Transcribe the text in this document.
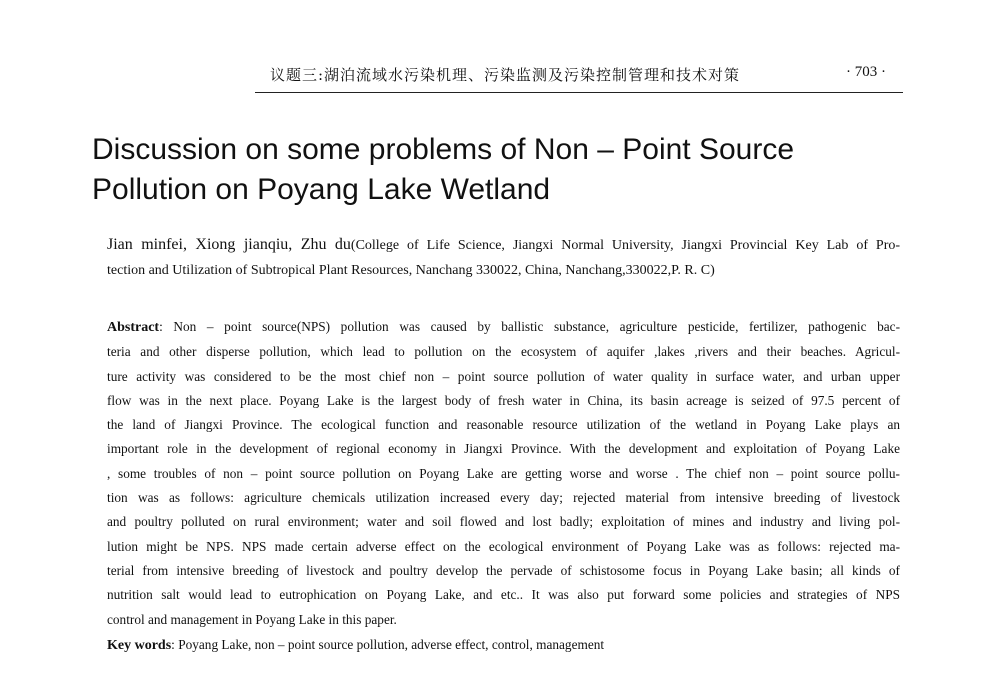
议题三:湖泊流域水污染机理、污染监测及污染控制管理和技术对策	· 703 ·
Discussion on some problems of Non – Point Source
Pollution on Poyang Lake Wetland
Jian minfei, Xiong jianqiu, Zhu du(College of Life Science, Jiangxi Normal University, Jiangxi Provincial Key Lab of Pro-
tection and Utilization of Subtropical Plant Resources, Nanchang 330022, China, Nanchang,330022,P. R. C)
Abstract: Non – point source(NPS) pollution was caused by ballistic substance, agriculture pesticide, fertilizer, pathogenic bac-
teria and other disperse pollution, which lead to pollution on the ecosystem of aquifer ,lakes ,rivers and their beaches. Agricul-
ture activity was considered to be the most chief non – point source pollution of water quality in surface water, and urban upper
flow was in the next place. Poyang Lake is the largest body of fresh water in China, its basin acreage is seized of 97.5 percent of
the land of Jiangxi Province. The ecological function and reasonable resource utilization of the wetland in Poyang Lake plays an
important role in the development of regional economy in Jiangxi Province. With the development and exploitation of Poyang Lake
, some troubles of non – point source pollution on Poyang Lake are getting worse and worse . The chief non – point source pollu-
tion was as follows: agriculture chemicals utilization increased every day; rejected material from intensive breeding of livestock
and poultry polluted on rural environment; water and soil flowed and lost badly; exploitation of mines and industry and living pol-
lution might be NPS. NPS made certain adverse effect on the ecological environment of Poyang Lake was as follows: rejected ma-
terial from intensive breeding of livestock and poultry develop the pervade of schistosome focus in Poyang Lake basin; all kinds of
nutrition salt would lead to eutrophication on Poyang Lake, and etc.. It was also put forward some policies and strategies of NPS
control and management in Poyang Lake in this paper.
Key words: Poyang Lake, non – point source pollution, adverse effect, control, management
